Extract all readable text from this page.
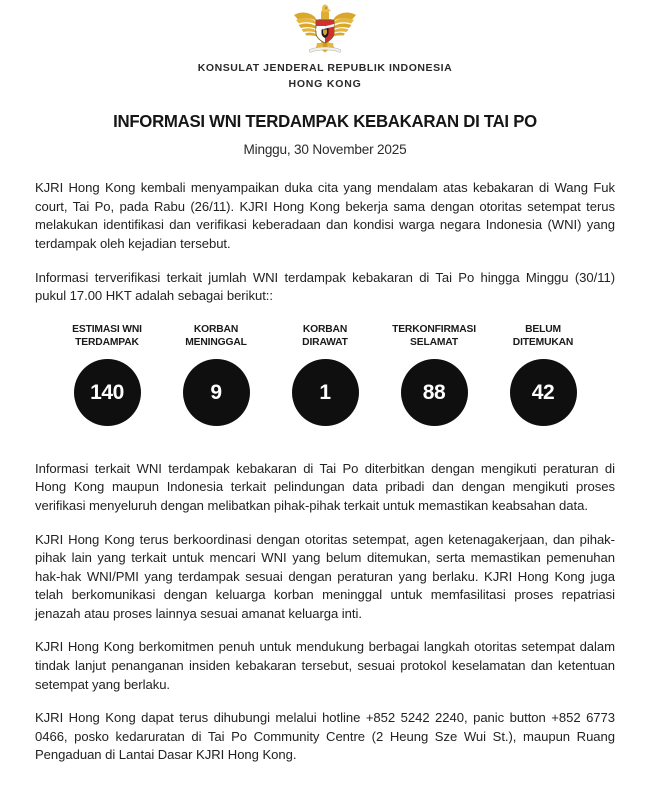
KONSULAT JENDERAL REPUBLIK INDONESIA
HONG KONG
INFORMASI WNI TERDAMPAK KEBAKARAN DI TAI PO
Minggu, 30 November 2025

KJRI Hong Kong kembali menyampaikan duka cita yang mendalam atas kebakaran di Wang Fuk court, Tai Po, pada Rabu (26/11). KJRI Hong Kong bekerja sama dengan otoritas setempat terus melakukan identifikasi dan verifikasi keberadaan dan kondisi warga negara Indonesia (WNI) yang terdampak oleh kejadian tersebut.

Informasi terverifikasi terkait jumlah WNI terdampak kebakaran di Tai Po hingga Minggu (30/11) pukul 17.00 HKT adalah sebagai berikut::

ESTIMASI WNI
TERDAMPAK
140
KORBAN
MENINGGAL
9
KORBAN
DIRAWAT
1
TERKONFIRMASI
SELAMAT
88
BELUM
DITEMUKAN
42

Informasi terkait WNI terdampak kebakaran di Tai Po diterbitkan dengan mengikuti peraturan di Hong Kong maupun Indonesia terkait pelindungan data pribadi dan dengan mengikuti proses verifikasi menyeluruh dengan melibatkan pihak-pihak terkait untuk memastikan keabsahan data.

KJRI Hong Kong terus berkoordinasi dengan otoritas setempat, agen ketenagakerjaan, dan pihak-pihak lain yang terkait untuk mencari WNI yang belum ditemukan, serta memastikan pemenuhan hak-hak WNI/PMI yang terdampak sesuai dengan peraturan yang berlaku. KJRI Hong Kong juga telah berkomunikasi dengan keluarga korban meninggal untuk memfasilitasi proses repatriasi jenazah atau proses lainnya sesuai amanat keluarga inti.

KJRI Hong Kong berkomitmen penuh untuk mendukung berbagai langkah otoritas setempat dalam tindak lanjut penanganan insiden kebakaran tersebut, sesuai protokol keselamatan dan ketentuan setempat yang berlaku.

KJRI Hong Kong dapat terus dihubungi melalui hotline +852 5242 2240, panic button +852 6773 0466, posko kedaruratan di Tai Po Community Centre (2 Heung Sze Wui St.), maupun Ruang Pengaduan di Lantai Dasar KJRI Hong Kong.
